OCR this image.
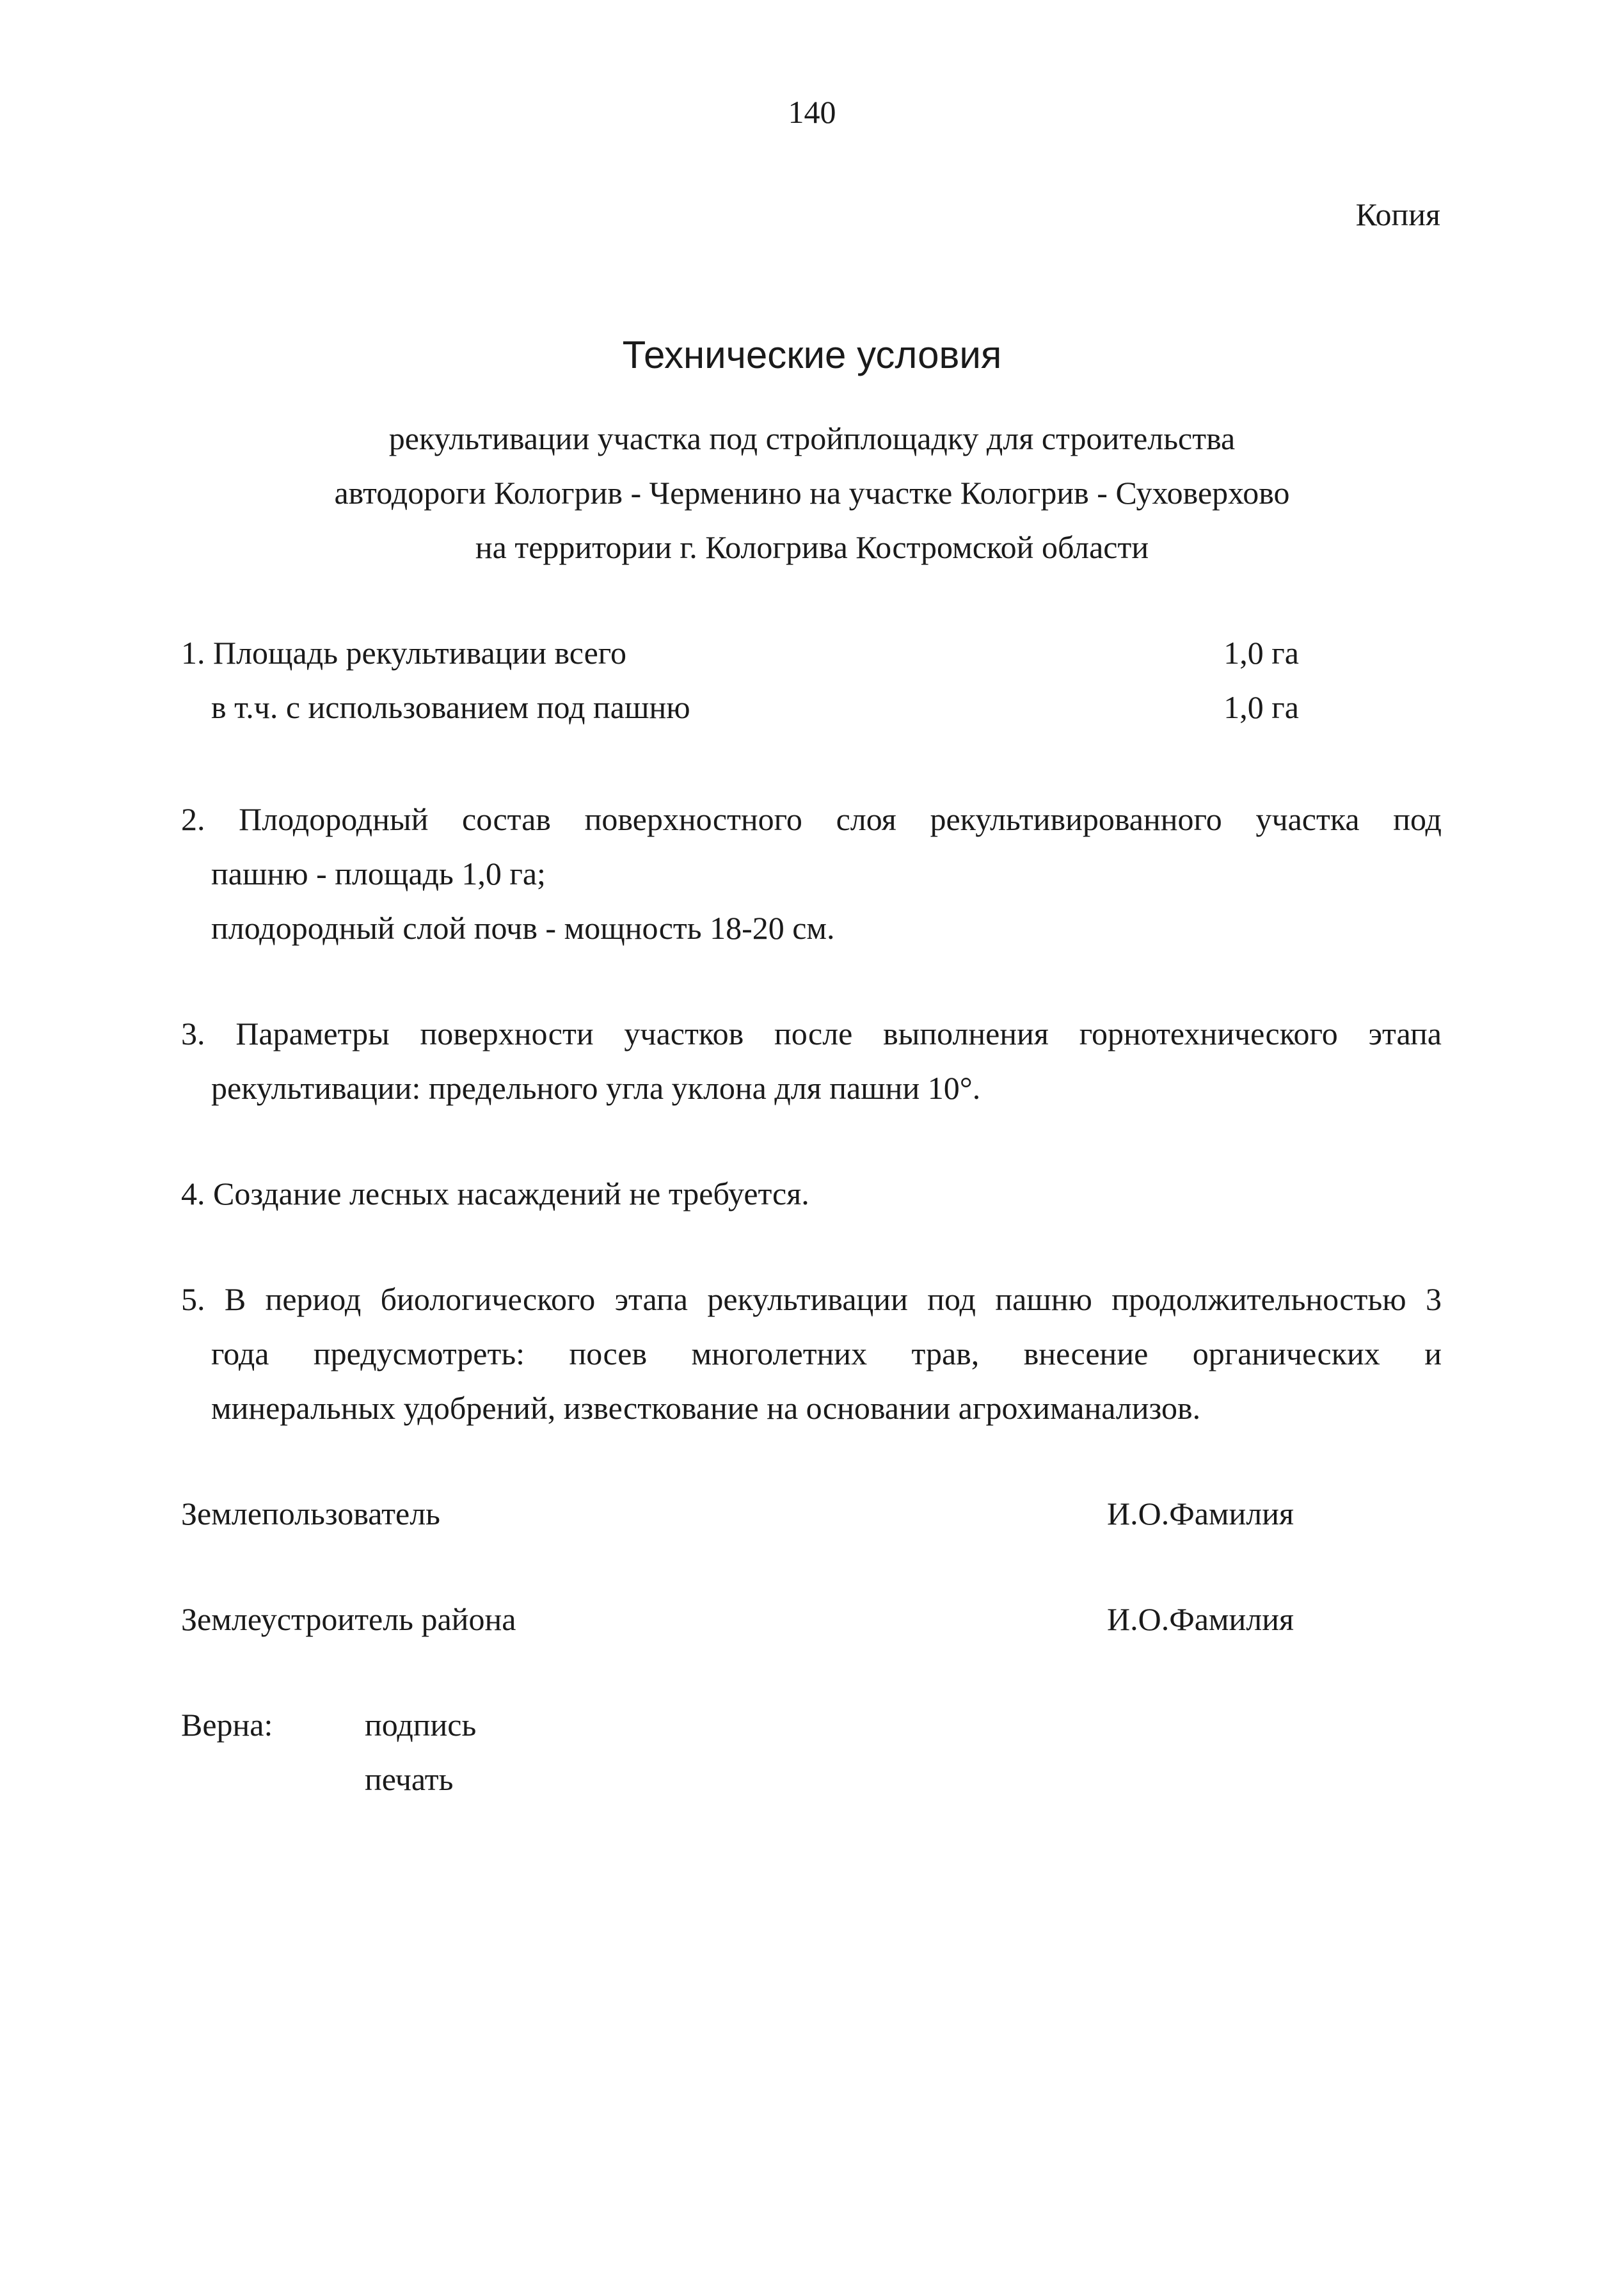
140
Копия
Технические условия
рекультивации участка под стройплощадку для строительства
автодороги Кологрив - Черменино на участке Кологрив - Суховерхово
на территории г. Кологрива Костромской области
1. Площадь рекультивации всего	1,0 га
в т.ч. с использованием под пашню	1,0 га
2. Плодородный состав поверхностного слоя рекультивированного участка под
пашню - площадь 1,0 га;
плодородный слой почв - мощность 18-20 см.
3. Параметры поверхности участков после выполнения горнотехнического этапа
рекультивации: предельного угла уклона для пашни 10°.
4. Создание лесных насаждений не требуется.
5. В период биологического этапа рекультивации под пашню продолжительностью 3
года предусмотреть: посев многолетних трав, внесение органических и
минеральных удобрений, известкование на основании агрохиманализов.
Землепользователь	И.О.Фамилия
Землеустроитель района	И.О.Фамилия
Верна:	подпись
печать
